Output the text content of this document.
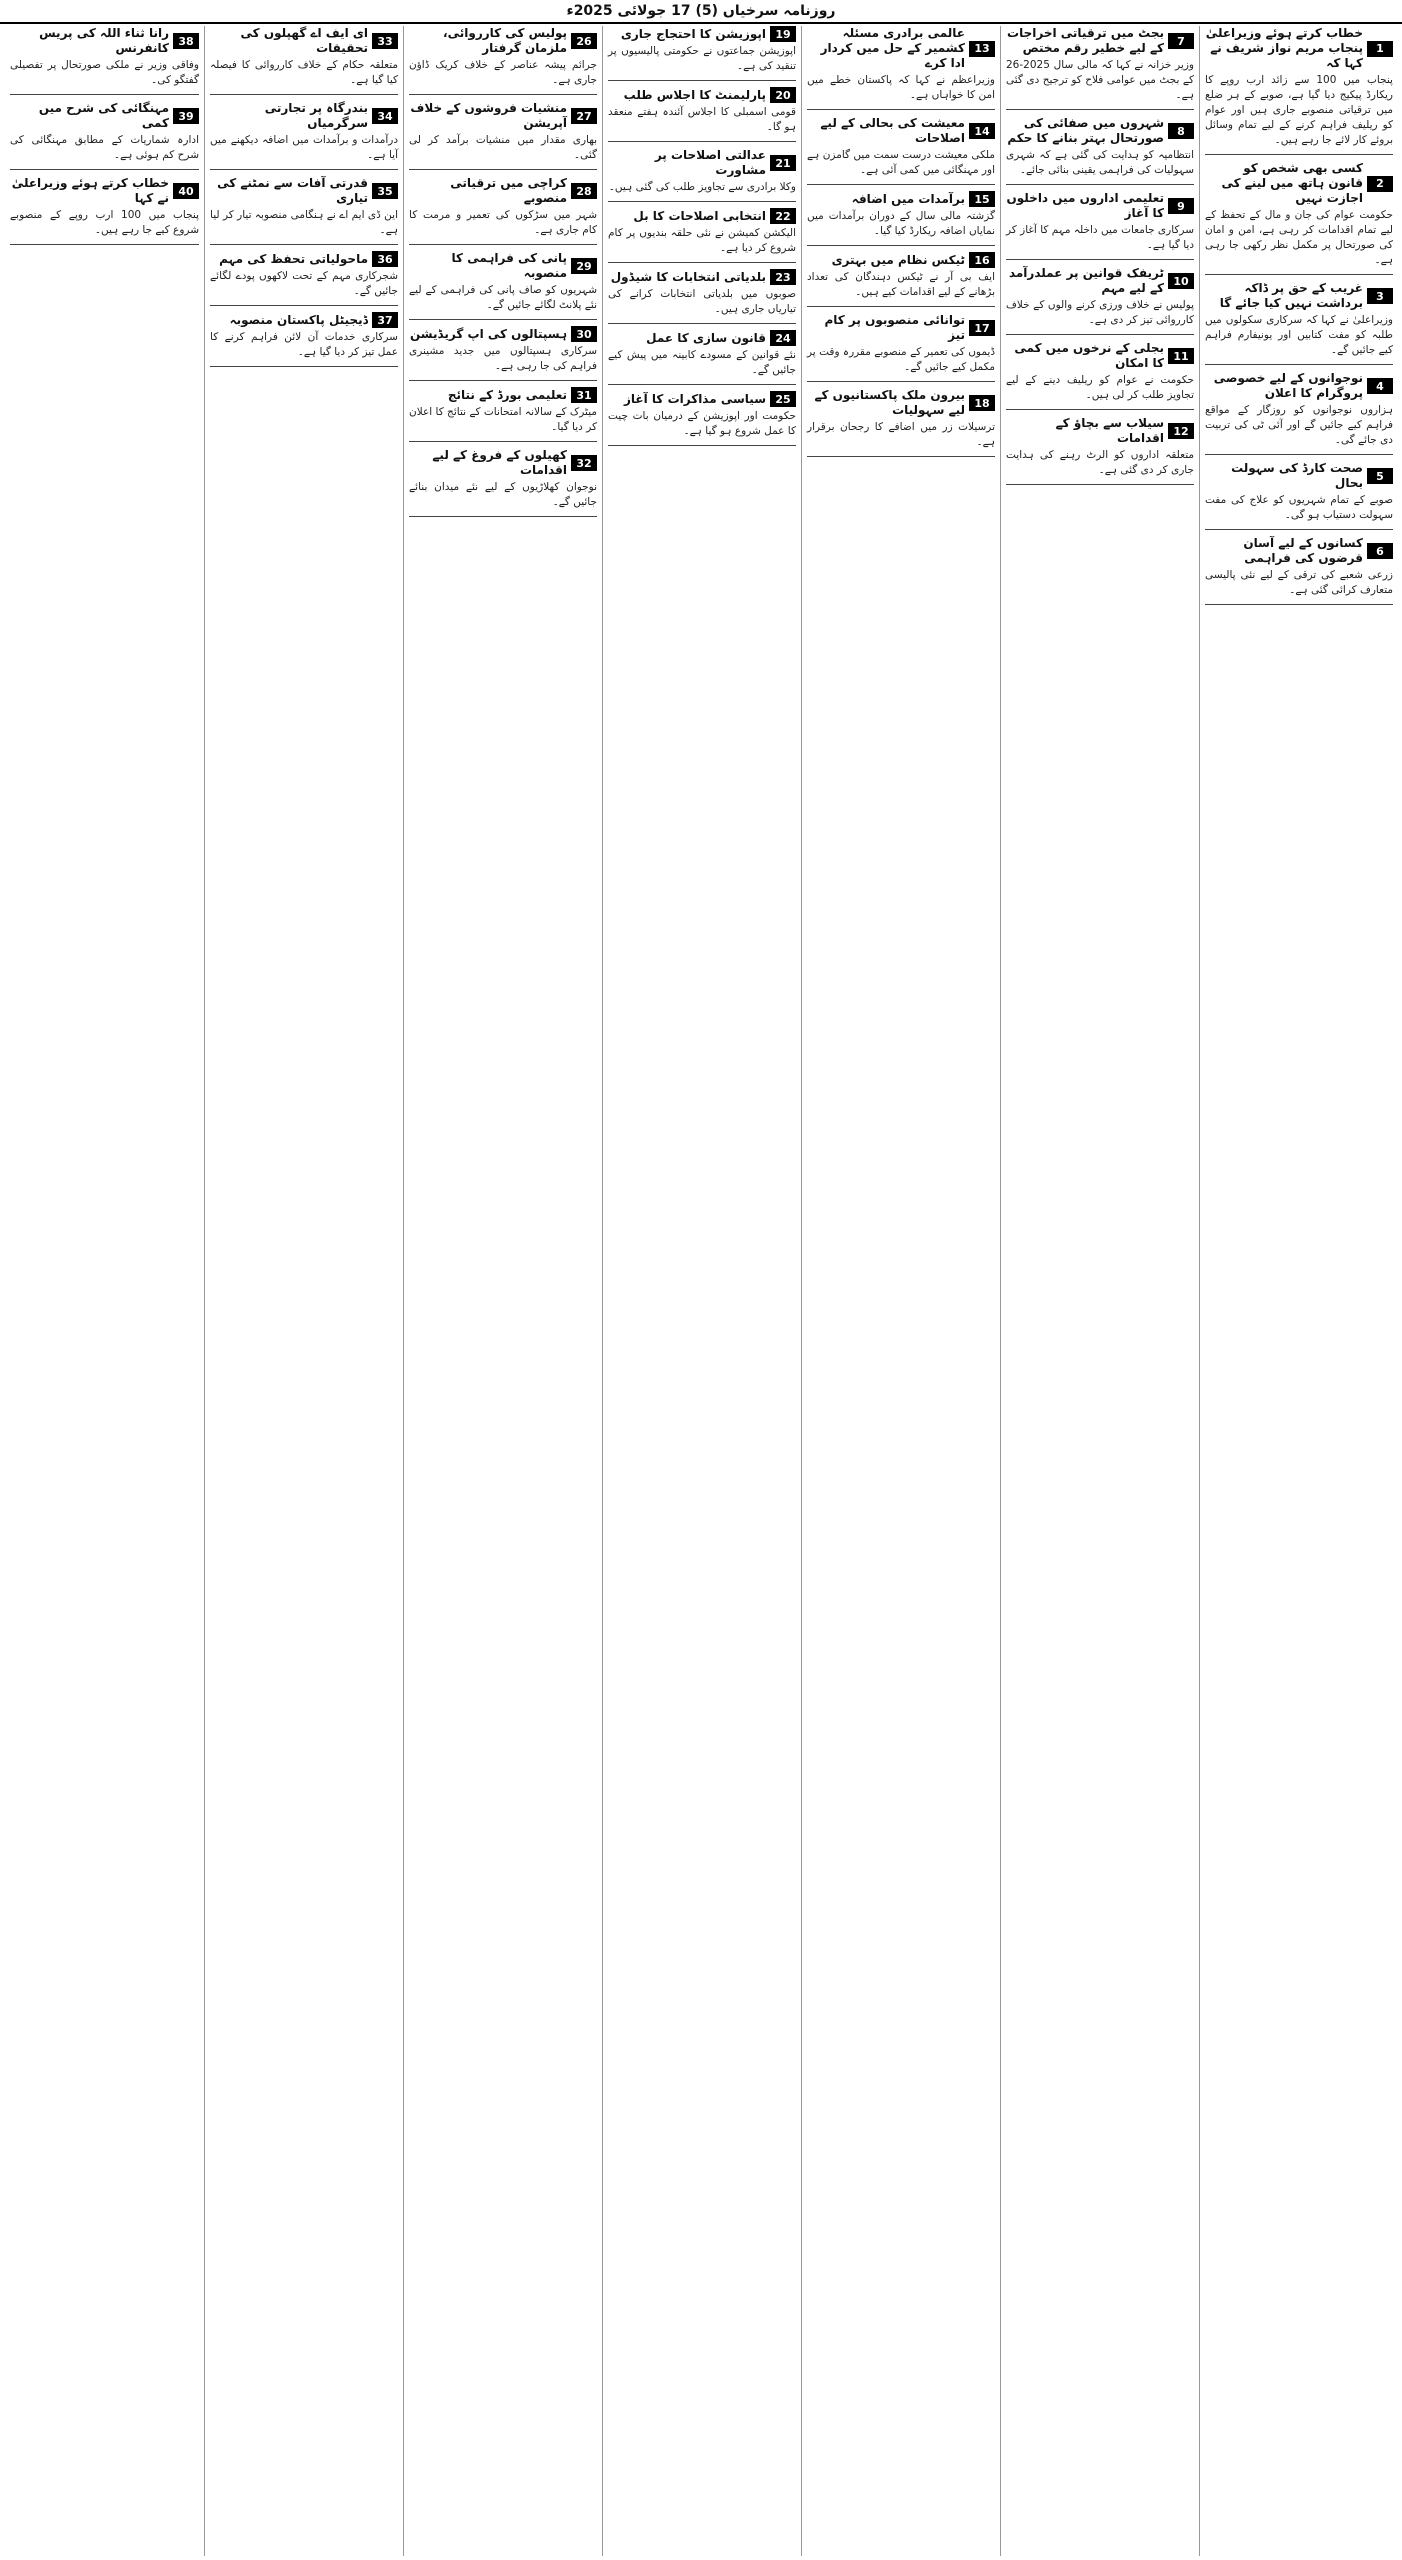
روزنامہ سرخیاں (5) 17 جولائی 2025ء
1
خطاب کرتے ہوئے وزیراعلیٰ پنجاب مریم نواز شریف نے کہا کہ
پنجاب میں 100 سے زائد ارب روپے کا ریکارڈ پیکیج دیا گیا ہے، صوبے کے ہر ضلع میں ترقیاتی منصوبے جاری ہیں اور عوام کو ریلیف فراہم کرنے کے لیے تمام وسائل بروئے کار لائے جا رہے ہیں۔
2
کسی بھی شخص کو قانون ہاتھ میں لینے کی اجازت نہیں
حکومت عوام کی جان و مال کے تحفظ کے لیے تمام اقدامات کر رہی ہے، امن و امان کی صورتحال پر مکمل نظر رکھی جا رہی ہے۔
3
غریب کے حق پر ڈاکہ برداشت نہیں کیا جائے گا
وزیراعلیٰ نے کہا کہ سرکاری سکولوں میں طلبہ کو مفت کتابیں اور یونیفارم فراہم کیے جائیں گے۔
4
نوجوانوں کے لیے خصوصی پروگرام کا اعلان
ہزاروں نوجوانوں کو روزگار کے مواقع فراہم کیے جائیں گے اور آئی ٹی کی تربیت دی جائے گی۔
5
صحت کارڈ کی سہولت بحال
صوبے کے تمام شہریوں کو علاج کی مفت سہولت دستیاب ہو گی۔
6
کسانوں کے لیے آسان قرضوں کی فراہمی
زرعی شعبے کی ترقی کے لیے نئی پالیسی متعارف کرائی گئی ہے۔
7
بجٹ میں ترقیاتی اخراجات کے لیے خطیر رقم مختص
وزیر خزانہ نے کہا کہ مالی سال 2025-26 کے بجٹ میں عوامی فلاح کو ترجیح دی گئی ہے۔
8
شہروں میں صفائی کی صورتحال بہتر بنانے کا حکم
انتظامیہ کو ہدایت کی گئی ہے کہ شہری سہولیات کی فراہمی یقینی بنائی جائے۔
9
تعلیمی اداروں میں داخلوں کا آغاز
سرکاری جامعات میں داخلہ مہم کا آغاز کر دیا گیا ہے۔
10
ٹریفک قوانین پر عملدرآمد کے لیے مہم
پولیس نے خلاف ورزی کرنے والوں کے خلاف کارروائی تیز کر دی ہے۔
11
بجلی کے نرخوں میں کمی کا امکان
حکومت نے عوام کو ریلیف دینے کے لیے تجاویز طلب کر لی ہیں۔
12
سیلاب سے بچاؤ کے اقدامات
متعلقہ اداروں کو الرٹ رہنے کی ہدایت جاری کر دی گئی ہے۔
13
عالمی برادری مسئلہ کشمیر کے حل میں کردار ادا کرے
وزیراعظم نے کہا کہ پاکستان خطے میں امن کا خواہاں ہے۔
14
معیشت کی بحالی کے لیے اصلاحات
ملکی معیشت درست سمت میں گامزن ہے اور مہنگائی میں کمی آئی ہے۔
15
برآمدات میں اضافہ
گزشتہ مالی سال کے دوران برآمدات میں نمایاں اضافہ ریکارڈ کیا گیا۔
16
ٹیکس نظام میں بہتری
ایف بی آر نے ٹیکس دہندگان کی تعداد بڑھانے کے لیے اقدامات کیے ہیں۔
17
توانائی منصوبوں پر کام تیز
ڈیموں کی تعمیر کے منصوبے مقررہ وقت پر مکمل کیے جائیں گے۔
18
بیرون ملک پاکستانیوں کے لیے سہولیات
ترسیلات زر میں اضافے کا رجحان برقرار ہے۔
19
اپوزیشن کا احتجاج جاری
اپوزیشن جماعتوں نے حکومتی پالیسیوں پر تنقید کی ہے۔
20
پارلیمنٹ کا اجلاس طلب
قومی اسمبلی کا اجلاس آئندہ ہفتے منعقد ہو گا۔
21
عدالتی اصلاحات پر مشاورت
وکلا برادری سے تجاویز طلب کی گئی ہیں۔
22
انتخابی اصلاحات کا بل
الیکشن کمیشن نے نئی حلقہ بندیوں پر کام شروع کر دیا ہے۔
23
بلدیاتی انتخابات کا شیڈول
صوبوں میں بلدیاتی انتخابات کرانے کی تیاریاں جاری ہیں۔
24
قانون سازی کا عمل
نئے قوانین کے مسودے کابینہ میں پیش کیے جائیں گے۔
25
سیاسی مذاکرات کا آغاز
حکومت اور اپوزیشن کے درمیان بات چیت کا عمل شروع ہو گیا ہے۔
26
پولیس کی کارروائی، ملزمان گرفتار
جرائم پیشہ عناصر کے خلاف کریک ڈاؤن جاری ہے۔
27
منشیات فروشوں کے خلاف آپریشن
بھاری مقدار میں منشیات برآمد کر لی گئی۔
28
کراچی میں ترقیاتی منصوبے
شہر میں سڑکوں کی تعمیر و مرمت کا کام جاری ہے۔
29
پانی کی فراہمی کا منصوبہ
شہریوں کو صاف پانی کی فراہمی کے لیے نئے پلانٹ لگائے جائیں گے۔
30
ہسپتالوں کی اپ گریڈیشن
سرکاری ہسپتالوں میں جدید مشینری فراہم کی جا رہی ہے۔
31
تعلیمی بورڈ کے نتائج
میٹرک کے سالانہ امتحانات کے نتائج کا اعلان کر دیا گیا۔
32
کھیلوں کے فروغ کے لیے اقدامات
نوجوان کھلاڑیوں کے لیے نئے میدان بنائے جائیں گے۔
33
ای ایف اے گھپلوں کی تحقیقات
متعلقہ حکام کے خلاف کارروائی کا فیصلہ کیا گیا ہے۔
34
بندرگاہ پر تجارتی سرگرمیاں
درآمدات و برآمدات میں اضافہ دیکھنے میں آیا ہے۔
35
قدرتی آفات سے نمٹنے کی تیاری
این ڈی ایم اے نے ہنگامی منصوبہ تیار کر لیا ہے۔
36
ماحولیاتی تحفظ کی مہم
شجرکاری مہم کے تحت لاکھوں پودے لگائے جائیں گے۔
37
ڈیجیٹل پاکستان منصوبہ
سرکاری خدمات آن لائن فراہم کرنے کا عمل تیز کر دیا گیا ہے۔
38
رانا ثناء اللہ کی پریس کانفرنس
وفاقی وزیر نے ملکی صورتحال پر تفصیلی گفتگو کی۔
39
مہنگائی کی شرح میں کمی
ادارہ شماریات کے مطابق مہنگائی کی شرح کم ہوئی ہے۔
40
خطاب کرتے ہوئے وزیراعلیٰ نے کہا
پنجاب میں 100 ارب روپے کے منصوبے شروع کیے جا رہے ہیں۔
